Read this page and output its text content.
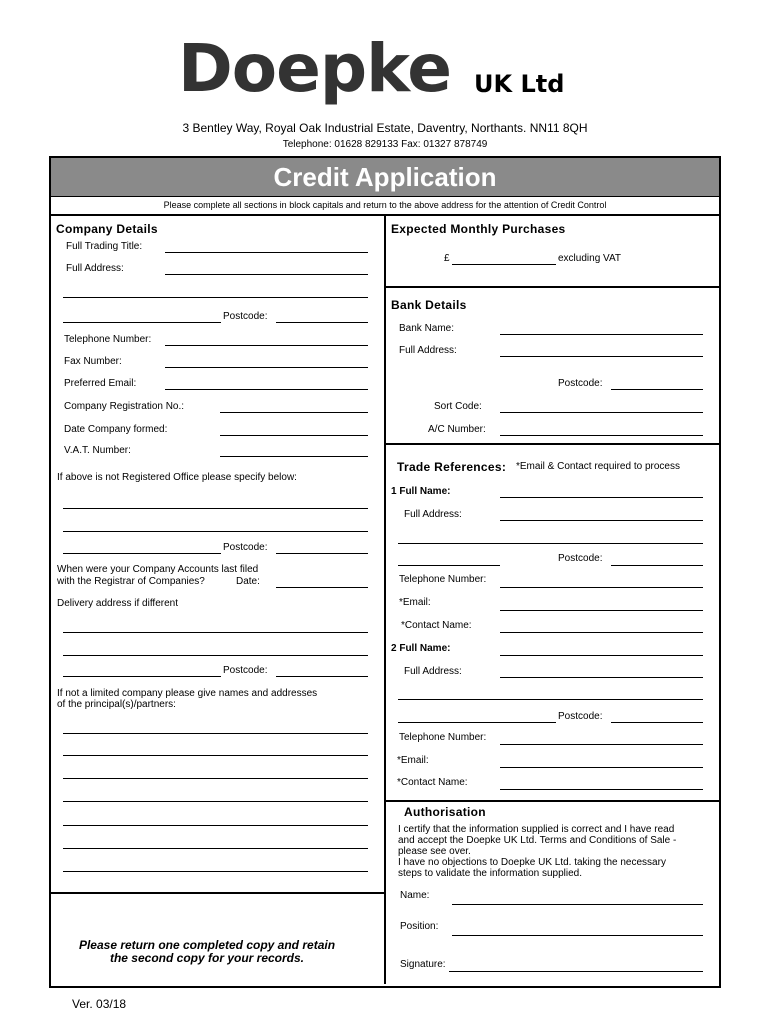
Doepke UK Ltd
3 Bentley Way, Royal Oak Industrial Estate, Daventry, Northants. NN11 8QH
Telephone: 01628 829133 Fax: 01327 878749
Credit Application
Please complete all sections in block capitals and return to the above address for the attention of Credit Control
Company Details
Full Trading Title:
Full Address:
Postcode:
Telephone Number:
Fax Number:
Preferred Email:
Company Registration No.:
Date Company formed:
V.A.T. Number:
If above is not Registered Office please specify below:
Postcode:
When were your Company Accounts last filed
with the Registrar of Companies?	Date:
Delivery address if different
Postcode:
If not a limited company please give names and addresses
of the principal(s)/partners:
Please return one completed copy and retain
the second copy for your records.
Expected Monthly Purchases
£	excluding VAT
Bank Details
Bank Name:
Full Address:
Postcode:
Sort Code:
A/C Number:
Trade References: *Email & Contact required to process
1 Full Name:
Full Address:
Postcode:
Telephone Number:
*Email:
*Contact Name:
2 Full Name:
Full Address:
Postcode:
Telephone Number:
*Email:
*Contact Name:
Authorisation
I certify that the information supplied is correct and I have read
and accept the Doepke UK Ltd. Terms and Conditions of Sale -
please see over.
I have no objections to Doepke UK Ltd. taking the necessary
steps to validate the information supplied.
Name:
Position:
Signature:
Ver. 03/18
